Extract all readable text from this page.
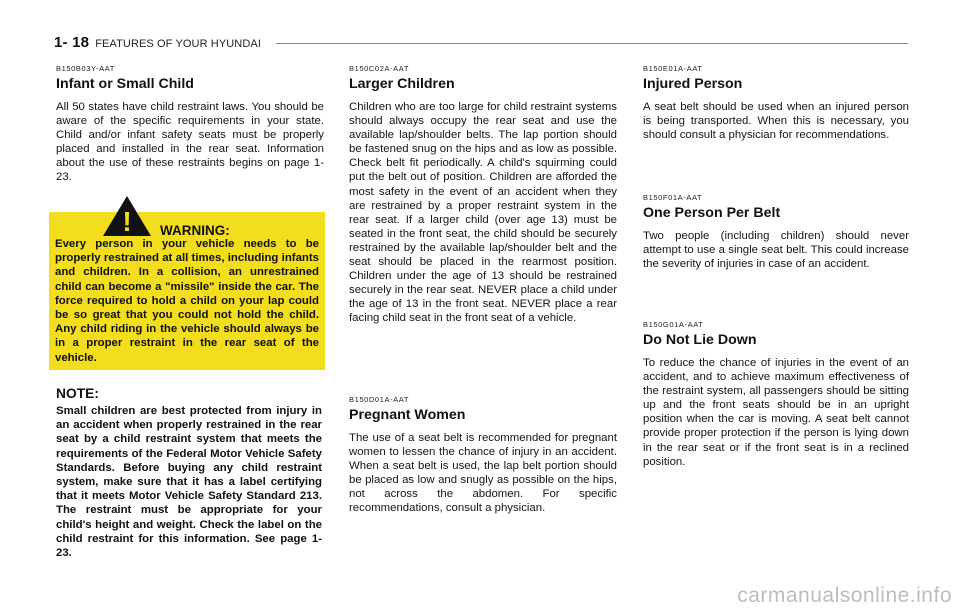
1- 18 FEATURES OF YOUR HYUNDAI

B150B03Y-AAT

Infant or Small Child

All 50 states have child restraint laws. You should be aware of the specific requirements in your state. Child and/or infant safety seats must be properly placed and installed in the rear seat. Information about the use of these restraints begins on page 1-23.

! WARNING:
Every person in your vehicle needs to be properly restrained at all times, including infants and children. In a collision, an unrestrained child can become a "missile" inside the car. The force required to hold a child on your lap could be so great that you could not hold the child. Any child riding in the vehicle should always be in a proper restraint in the rear seat of the vehicle.

NOTE:

Small children are best protected from injury in an accident when properly restrained in the rear seat by a child restraint system that meets the requirements of the Federal Motor Vehicle Safety Standards. Before buying any child restraint system, make sure that it has a label certifying that it meets Motor Vehicle Safety Standard 213. The restraint must be appropriate for your child's height and weight. Check the label on the child restraint for this information. See page 1-23.

B150C02A-AAT

Larger Children

Children who are too large for child restraint systems should always occupy the rear seat and use the available lap/shoulder belts. The lap portion should be fastened snug on the hips and as low as possible. Check belt fit periodically. A child's squirming could put the belt out of position. Children are afforded the most safety in the event of an accident when they are restrained by a proper restraint system in the rear seat. If a larger child (over age 13) must be seated in the front seat, the child should be securely restrained by the available lap/shoulder belt and the seat should be placed in the rearmost position. Children under the age of 13 should be restrained securely in the rear seat. NEVER place a child under the age of 13 in the front seat. NEVER place a rear facing child seat in the front seat of a vehicle.

B150D01A-AAT

Pregnant Women

The use of a seat belt is recommended for pregnant women to lessen the chance of injury in an accident. When a seat belt is used, the lap belt portion should be placed as low and snugly as possible on the hips, not across the abdomen. For specific recommendations, consult a physician.

B150E01A-AAT

Injured Person

A seat belt should be used when an injured person is being transported. When this is necessary, you should consult a physician for recommendations.

B150F01A-AAT

One Person Per Belt

Two people (including children) should never attempt to use a single seat belt. This could increase the severity of injuries in case of an accident.

B150G01A-AAT

Do Not Lie Down

To reduce the chance of injuries in the event of an accident, and to achieve maximum effectiveness of the restraint system, all passengers should be sitting up and the front seats should be in an upright position when the car is moving. A seat belt cannot provide proper protection if the person is lying down in the rear seat or if the front seat is in a reclined position.

carmanualsonline.info
